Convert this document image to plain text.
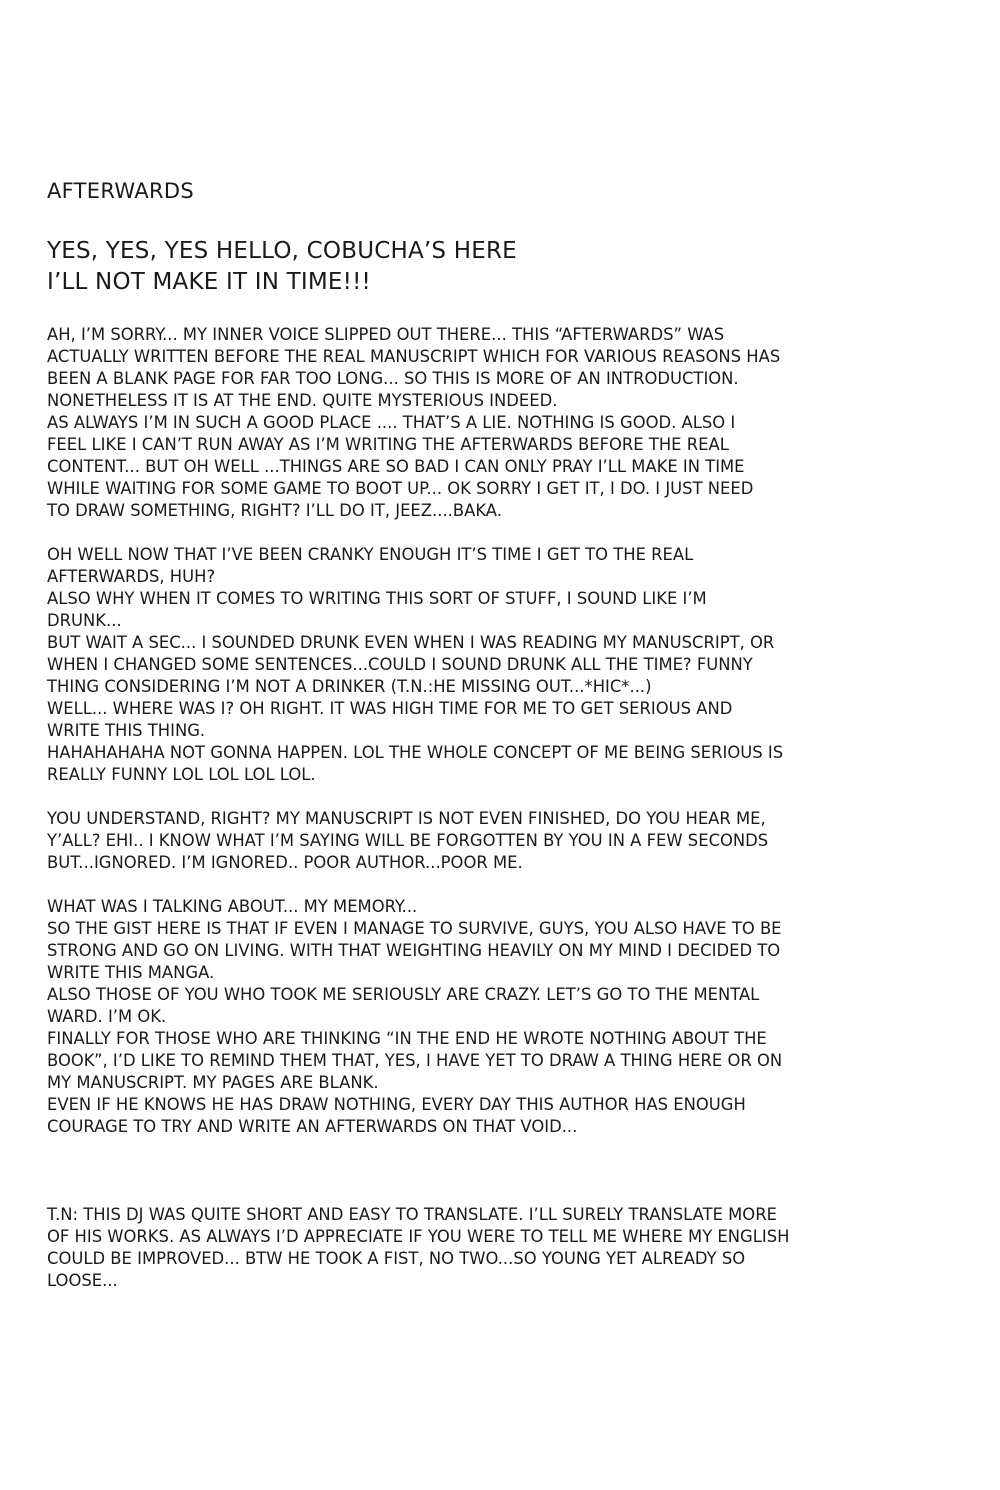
AFTERWARDS

YES, YES, YES HELLO, COBUCHA’S HERE

I’LL NOT MAKE IT IN TIME!!!

AH, I’M SORRY... MY INNER VOICE SLIPPED OUT THERE... THIS “AFTERWARDS” WAS
ACTUALLY WRITTEN BEFORE THE REAL MANUSCRIPT WHICH FOR VARIOUS REASONS HAS
BEEN A BLANK PAGE FOR FAR TOO LONG... SO THIS IS MORE OF AN INTRODUCTION.
NONETHELESS IT IS AT THE END. QUITE MYSTERIOUS INDEED.
AS ALWAYS I’M IN SUCH A GOOD PLACE .... THAT’S A LIE. NOTHING IS GOOD. ALSO I
FEEL LIKE I CAN’T RUN AWAY AS I’M WRITING THE AFTERWARDS BEFORE THE REAL
CONTENT... BUT OH WELL ...THINGS ARE SO BAD I CAN ONLY PRAY I’LL MAKE IN TIME
WHILE WAITING FOR SOME GAME TO BOOT UP... OK SORRY I GET IT, I DO. I JUST NEED
TO DRAW SOMETHING, RIGHT? I’LL DO IT, JEEZ....BAKA.
OH WELL NOW THAT I’VE BEEN CRANKY ENOUGH IT’S TIME I GET TO THE REAL
AFTERWARDS, HUH?
ALSO WHY WHEN IT COMES TO WRITING THIS SORT OF STUFF, I SOUND LIKE I’M
DRUNK...
BUT WAIT A SEC... I SOUNDED DRUNK EVEN WHEN I WAS READING MY MANUSCRIPT, OR
WHEN I CHANGED SOME SENTENCES...COULD I SOUND DRUNK ALL THE TIME? FUNNY
THING CONSIDERING I’M NOT A DRINKER (T.N.:HE MISSING OUT...*HIC*...)
WELL... WHERE WAS I? OH RIGHT. IT WAS HIGH TIME FOR ME TO GET SERIOUS AND
WRITE THIS THING.
HAHAHAHAHA NOT GONNA HAPPEN. LOL THE WHOLE CONCEPT OF ME BEING SERIOUS IS
REALLY FUNNY LOL LOL LOL LOL.
YOU UNDERSTAND, RIGHT? MY MANUSCRIPT IS NOT EVEN FINISHED, DO YOU HEAR ME,
Y’ALL? EHI.. I KNOW WHAT I’M SAYING WILL BE FORGOTTEN BY YOU IN A FEW SECONDS
BUT...IGNORED. I’M IGNORED.. POOR AUTHOR...POOR ME.
WHAT WAS I TALKING ABOUT... MY MEMORY...
SO THE GIST HERE IS THAT IF EVEN I MANAGE TO SURVIVE, GUYS, YOU ALSO HAVE TO BE
STRONG AND GO ON LIVING. WITH THAT WEIGHTING HEAVILY ON MY MIND I DECIDED TO
WRITE THIS MANGA.
ALSO THOSE OF YOU WHO TOOK ME SERIOUSLY ARE CRAZY. LET’S GO TO THE MENTAL
WARD. I’M OK.
FINALLY FOR THOSE WHO ARE THINKING “IN THE END HE WROTE NOTHING ABOUT THE
BOOK”, I’D LIKE TO REMIND THEM THAT, YES, I HAVE YET TO DRAW A THING HERE OR ON
MY MANUSCRIPT. MY PAGES ARE BLANK.
EVEN IF HE KNOWS HE HAS DRAW NOTHING, EVERY DAY THIS AUTHOR HAS ENOUGH
COURAGE TO TRY AND WRITE AN AFTERWARDS ON THAT VOID...
T.N: THIS DJ WAS QUITE SHORT AND EASY TO TRANSLATE. I’LL SURELY TRANSLATE MORE
OF HIS WORKS. AS ALWAYS I’D APPRECIATE IF YOU WERE TO TELL ME WHERE MY ENGLISH
COULD BE IMPROVED... BTW HE TOOK A FIST, NO TWO...SO YOUNG YET ALREADY SO
LOOSE...
